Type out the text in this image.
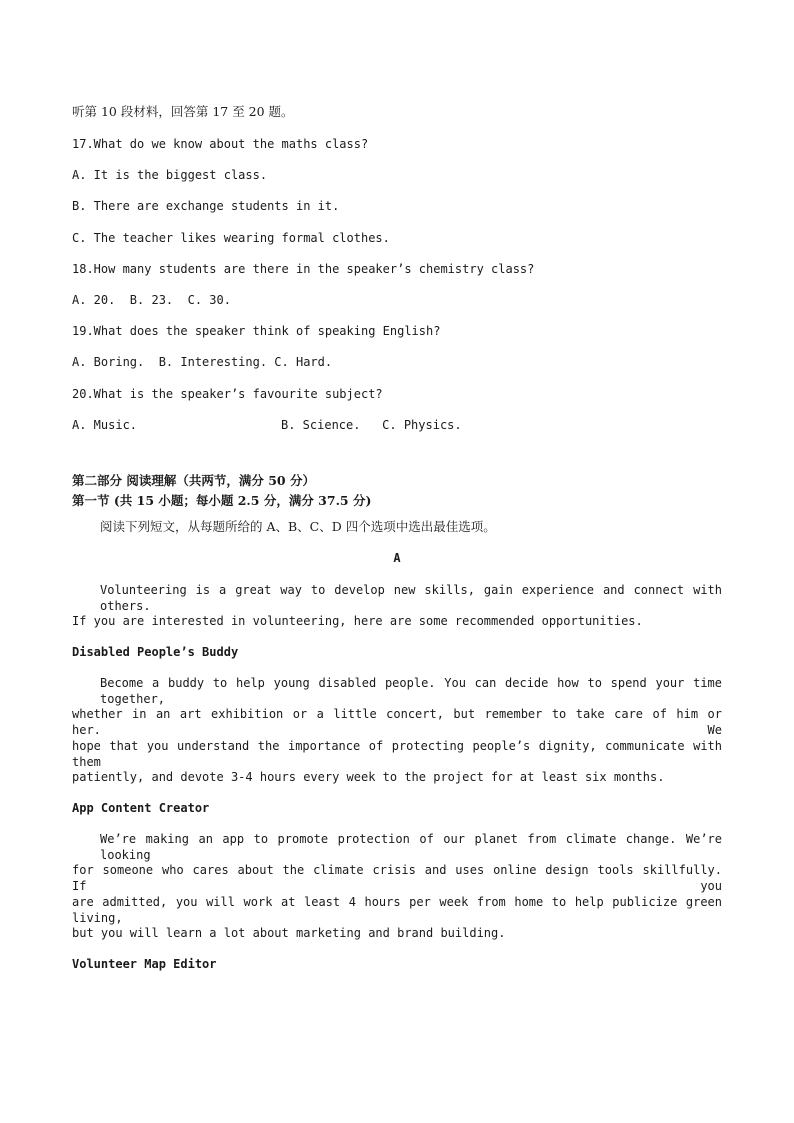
听第 10 段材料，回答第 17 至 20 题。
17.What do we know about the maths class?
A. It is the biggest class.
B. There are exchange students in it.
C. The teacher likes wearing formal clothes.
18.How many students are there in the speaker’s chemistry class?
A. 20.  B. 23.  C. 30.
19.What does the speaker think of speaking English?
A. Boring.  B. Interesting. C. Hard.
20.What is the speaker’s favourite subject?
A. Music.	B. Science.   C. Physics.
第二部分 阅读理解（共两节，满分 50 分）
第一节 (共 15 小题；每小题 2.5 分，满分 37.5 分)
阅读下列短文，从每题所给的 A、B、C、D 四个选项中选出最佳选项。
A
Volunteering is a great way to develop new skills, gain experience and connect with others.
If you are interested in volunteering, here are some recommended opportunities.
Disabled People’s Buddy
Become a buddy to help young disabled people. You can decide how to spend your time together,
whether in an art exhibition or a little concert, but remember to take care of him or her. We
hope that you understand the importance of protecting people’s dignity, communicate with them
patiently, and devote 3-4 hours every week to the project for at least six months.
App Content Creator
We’re making an app to promote protection of our planet from climate change. We’re looking
for someone who cares about the climate crisis and uses online design tools skillfully. If you
are admitted, you will work at least 4 hours per week from home to help publicize green living,
but you will learn a lot about marketing and brand building.
Volunteer Map Editor
